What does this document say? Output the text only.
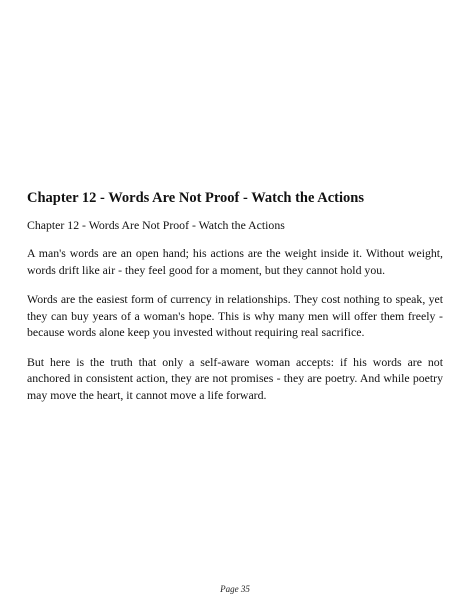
Chapter 12 - Words Are Not Proof - Watch the Actions

Chapter 12 - Words Are Not Proof - Watch the Actions

A man's words are an open hand; his actions are the weight inside it. Without weight, words drift like air - they feel good for a moment, but they cannot hold you.

Words are the easiest form of currency in relationships. They cost nothing to speak, yet they can buy years of a woman's hope. This is why many men will offer them freely - because words alone keep you invested without requiring real sacrifice.

But here is the truth that only a self-aware woman accepts: if his words are not anchored in consistent action, they are not promises - they are poetry. And while poetry may move the heart, it cannot move a life forward.

Page 35
